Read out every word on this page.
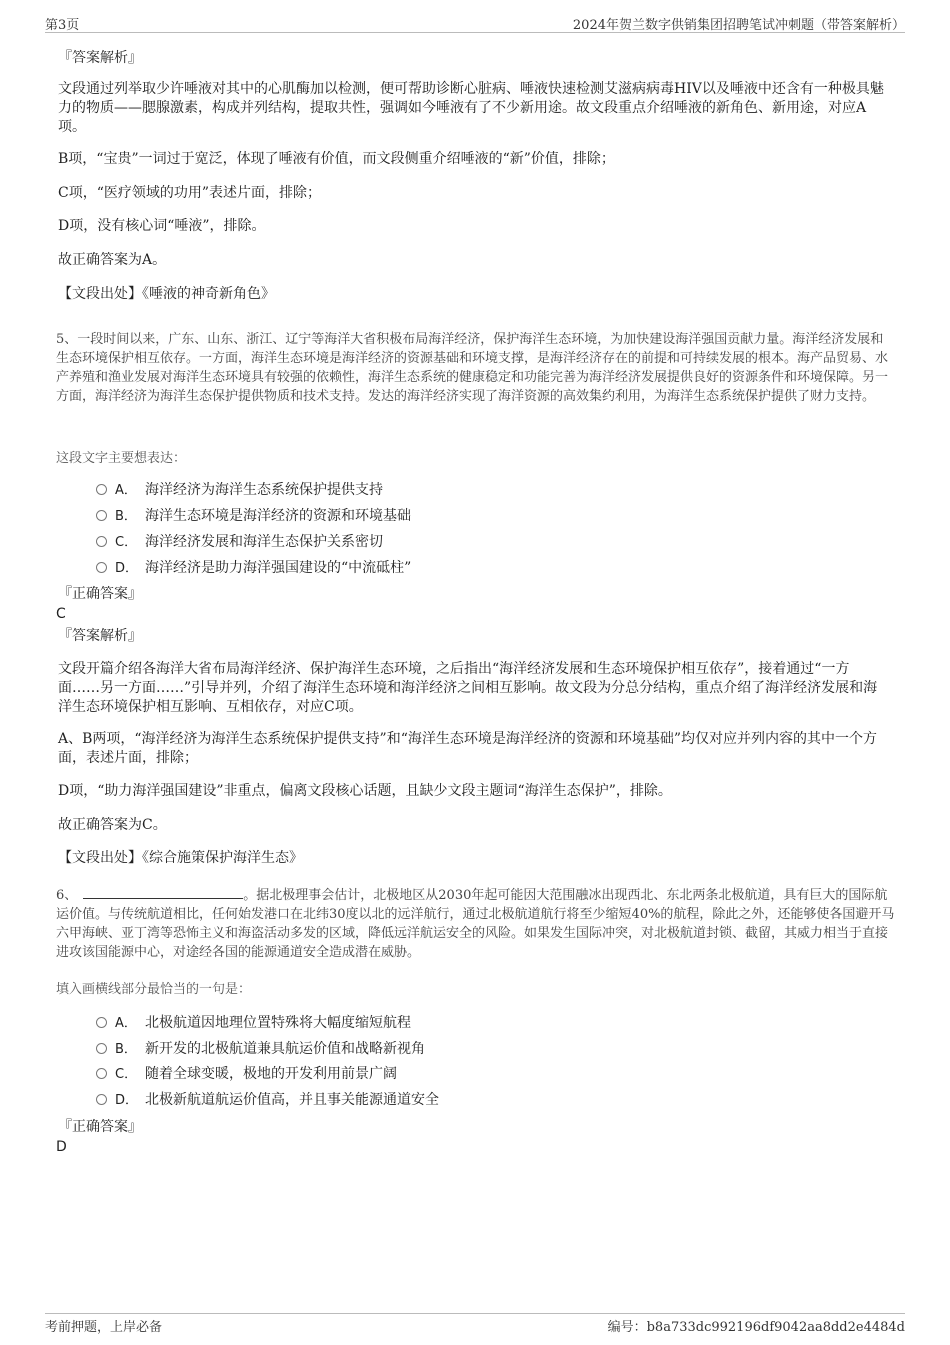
第3页	2024年贺兰数字供销集团招聘笔试冲刺题（带答案解析）
『答案解析』
文段通过列举取少许唾液对其中的心肌酶加以检测，便可帮助诊断心脏病、唾液快速检测艾滋病病毒HIV以及唾液中还含有一种极具魅力的物质——腮腺激素，构成并列结构，提取共性，强调如今唾液有了不少新用途。故文段重点介绍唾液的新角色、新用途，对应A项。
B项，“宝贵”一词过于宽泛，体现了唾液有价值，而文段侧重介绍唾液的“新”价值，排除；
C项，“医疗领域的功用”表述片面，排除；
D项，没有核心词“唾液”，排除。
故正确答案为A。
【文段出处】《唾液的神奇新角色》
5、一段时间以来，广东、山东、浙江、辽宁等海洋大省积极布局海洋经济，保护海洋生态环境，为加快建设海洋强国贡献力量。海洋经济发展和生态环境保护相互依存。一方面，海洋生态环境是海洋经济的资源基础和环境支撑，是海洋经济存在的前提和可持续发展的根本。海产品贸易、水产养殖和渔业发展对海洋生态环境具有较强的依赖性，海洋生态系统的健康稳定和功能完善为海洋经济发展提供良好的资源条件和环境保障。另一方面，海洋经济为海洋生态保护提供物质和技术支持。发达的海洋经济实现了海洋资源的高效集约利用，为海洋生态系统保护提供了财力支持。
这段文字主要想表达：
A． 海洋经济为海洋生态系统保护提供支持
B． 海洋生态环境是海洋经济的资源和环境基础
C． 海洋经济发展和海洋生态保护关系密切
D． 海洋经济是助力海洋强国建设的“中流砥柱”
『正确答案』
C
『答案解析』
文段开篇介绍各海洋大省布局海洋经济、保护海洋生态环境，之后指出“海洋经济发展和生态环境保护相互依存”，接着通过“一方面……另一方面……”引导并列，介绍了海洋生态环境和海洋经济之间相互影响。故文段为分总分结构，重点介绍了海洋经济发展和海洋生态环境保护相互影响、互相依存，对应C项。
A、B两项，“海洋经济为海洋生态系统保护提供支持”和“海洋生态环境是海洋经济的资源和环境基础”均仅对应并列内容的其中一个方面，表述片面，排除；
D项，“助力海洋强国建设”非重点，偏离文段核心话题，且缺少文段主题词“海洋生态保护”，排除。
故正确答案为C。
【文段出处】《综合施策保护海洋生态》
6、	。据北极理事会估计，北极地区从2030年起可能因大范围融冰出现西北、东北两条北极航道，具有巨大的国际航运价值。与传统航道相比，任何始发港口在北纬30度以北的远洋航行，通过北极航道航行将至少缩短40%的航程，除此之外，还能够使各国避开马六甲海峡、亚丁湾等恐怖主义和海盗活动多发的区域，降低远洋航运安全的风险。如果发生国际冲突，对北极航道封锁、截留，其威力相当于直接进攻该国能源中心，对途经各国的能源通道安全造成潜在威胁。
填入画横线部分最恰当的一句是：
A． 北极航道因地理位置特殊将大幅度缩短航程
B． 新开发的北极航道兼具航运价值和战略新视角
C． 随着全球变暖，极地的开发利用前景广阔
D． 北极新航道航运价值高，并且事关能源通道安全
『正确答案』
D
考前押题，上岸必备	编号：b8a733dc992196df9042aa8dd2e4484d
